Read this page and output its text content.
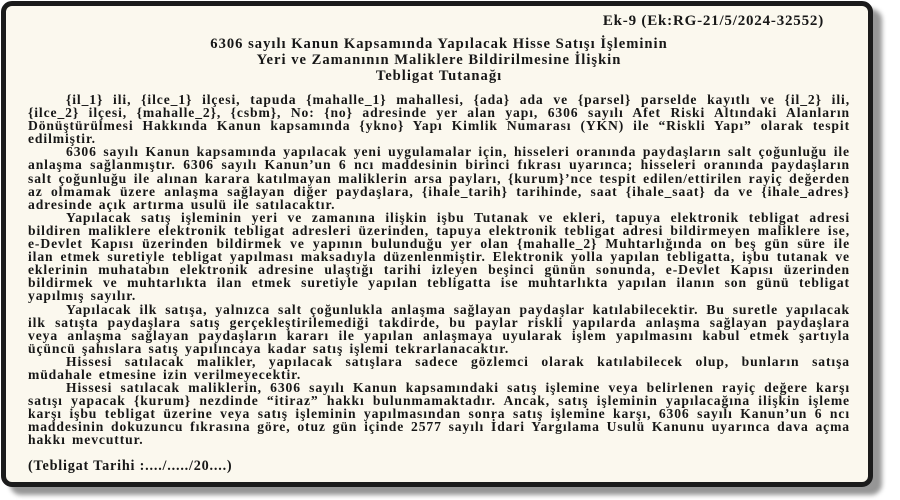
Ek-9 (Ek:RG-21/5/2024-32552)
6306 sayılı Kanun Kapsamında Yapılacak Hisse Satışı İşleminin
Yeri ve Zamanının Maliklere Bildirilmesine İlişkin
Tebligat Tutanağı

{il_1} ili, {ilce_1} ilçesi, tapuda {mahalle_1} mahallesi, {ada} ada ve {parsel} parselde kayıtlı ve {il_2} ili, {ilce_2} ilçesi, {mahalle_2}, {csbm}, No: {no} adresinde yer alan yapı, 6306 sayılı Afet Riski Altındaki Alanların Dönüştürülmesi Hakkında Kanun kapsamında {ykno} Yapı Kimlik Numarası (YKN) ile “Riskli Yapı” olarak tespit edilmiştir.

6306 sayılı Kanun kapsamında yapılacak yeni uygulamalar için, hisseleri oranında paydaşların salt çoğunluğu ile anlaşma sağlanmıştır. 6306 sayılı Kanun’un 6 ncı maddesinin birinci fıkrası uyarınca; hisseleri oranında paydaşların salt çoğunluğu ile alınan karara katılmayan maliklerin arsa payları, {kurum}’nce tespit edilen/ettirilen rayiç değerden az olmamak üzere anlaşma sağlayan diğer paydaşlara, {ihale_tarih} tarihinde, saat {ihale_saat} da ve {ihale_adres} adresinde açık artırma usulü ile satılacaktır.

Yapılacak satış işleminin yeri ve zamanına ilişkin işbu Tutanak ve ekleri, tapuya elektronik tebligat adresi bildiren maliklere elektronik tebligat adresleri üzerinden, tapuya elektronik tebligat adresi bildirmeyen maliklere ise, e-Devlet Kapısı üzerinden bildirmek ve yapının bulunduğu yer olan {mahalle_2} Muhtarlığında on beş gün süre ile ilan etmek suretiyle tebligat yapılması maksadıyla düzenlenmiştir. Elektronik yolla yapılan tebligatta, işbu tutanak ve eklerinin muhatabın elektronik adresine ulaştığı tarihi izleyen beşinci günün sonunda, e-Devlet Kapısı üzerinden bildirmek ve muhtarlıkta ilan etmek suretiyle yapılan tebligatta ise muhtarlıkta yapılan ilanın son günü tebligat yapılmış sayılır.

Yapılacak ilk satışa, yalnızca salt çoğunlukla anlaşma sağlayan paydaşlar katılabilecektir. Bu suretle yapılacak ilk satışta paydaşlara satış gerçekleştirilemediği takdirde, bu paylar riskli yapılarda anlaşma sağlayan paydaşlara veya anlaşma sağlayan paydaşların kararı ile yapılan anlaşmaya uyularak işlem yapılmasını kabul etmek şartıyla üçüncü şahıslara satış yapılıncaya kadar satış işlemi tekrarlanacaktır.

Hissesi satılacak malikler, yapılacak satışlara sadece gözlemci olarak katılabilecek olup, bunların satışa müdahale etmesine izin verilmeyecektir.

Hissesi satılacak maliklerin, 6306 sayılı Kanun kapsamındaki satış işlemine veya belirlenen rayiç değere karşı satışı yapacak {kurum} nezdinde “itiraz” hakkı bulunmamaktadır. Ancak, satış işleminin yapılacağına ilişkin işleme karşı işbu tebligat üzerine veya satış işleminin yapılmasından sonra satış işlemine karşı, 6306 sayılı Kanun’un 6 ncı maddesinin dokuzuncu fıkrasına göre, otuz gün içinde 2577 sayılı İdari Yargılama Usulü Kanunu uyarınca dava açma hakkı mevcuttur.

(Tebligat Tarihi :..../...../20....)
